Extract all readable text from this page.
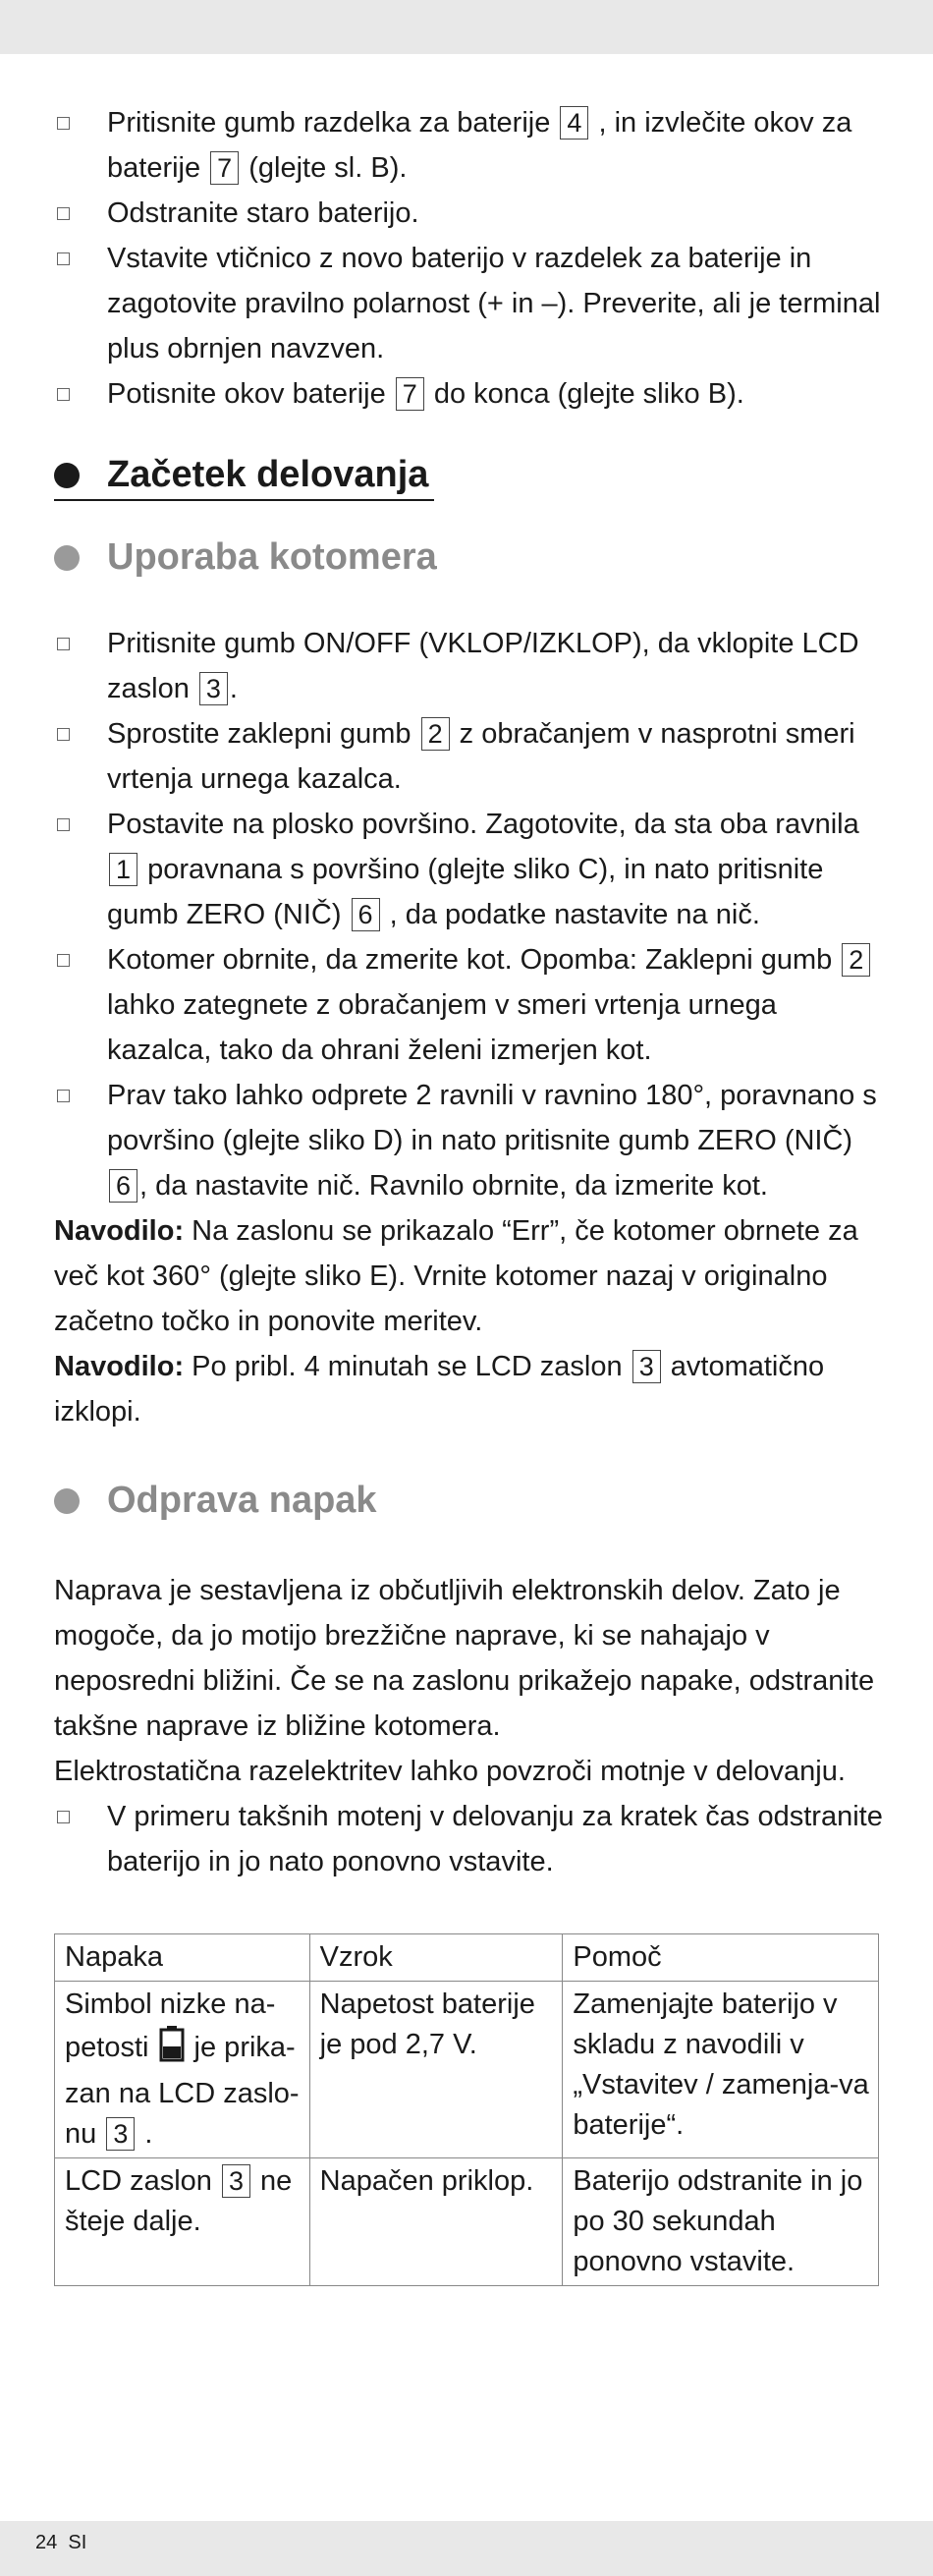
Pritisnite gumb razdelka za baterije 4 , in izvlečite okov za baterije 7 (glejte sl. B).
Odstranite staro baterijo.
Vstavite vtičnico z novo baterijo v razdelek za baterije in zagotovite pravilno polarnost (+ in –). Preverite, ali je terminal plus obrnjen navzven.
Potisnite okov baterije 7 do konca (glejte sliko B).
Začetek delovanja
Uporaba kotomera
Pritisnite gumb ON/OFF (VKLOP/IZKLOP), da vklopite LCD zaslon 3 .
Sprostite zaklepni gumb 2 z obračanjem v nasprotni smeri vrtenja urnega kazalca.
Postavite na plosko površino. Zagotovite, da sta oba ravnila 1 poravnana s površino (glejte sliko C), in nato pritisnite gumb ZERO (NIČ) 6 , da podatke nastavite na nič.
Kotomer obrnite, da zmerite kot. Opomba: Zaklepni gumb 2 lahko zategnete z obračanjem v smeri vrtenja urnega kazalca, tako da ohrani želeni izmerjen kot.
Prav tako lahko odprete 2 ravnili v ravnino 180°, poravnano s površino (glejte sliko D) in nato pritisnite gumb ZERO (NIČ) 6 , da nastavite nič. Ravnilo obrnite, da izmerite kot.

Navodilo: Na zaslonu se prikazalo “Err”, če kotomer obrnete za več kot 360° (glejte sliko E). Vrnite kotomer nazaj v originalno začetno točko in ponovite meritev.

Navodilo: Po pribl. 4 minutah se LCD zaslon 3 avtomatično izklopi.

Odprava napak

Naprava je sestavljena iz občutljivih elektronskih delov. Zato je mogoče, da jo motijo brezžične naprave, ki se nahajajo v neposredni bližini. Če se na zaslonu prikažejo napake, odstranite takšne naprave iz bližine kotomera.

Elektrostatična razelektritev lahko povzroči motnje v delovanju.

V primeru takšnih motenj v delovanju za kratek čas odstranite baterijo in jo nato ponovno vstavite.
Napaka	Vzrok	Pomoč
Simbol nizke na-petosti  je prika-zan na LCD zaslo-nu 3 .	Napetost baterije je pod 2,7 V.	Zamenjajte baterijo v skladu z navodili v „Vstavitev / zamenja-va baterije“.
LCD zaslon 3 ne šteje dalje.	Napačen priklop.	Baterijo odstranite in jo po 30 sekundah ponovno vstavite.
24 SI
